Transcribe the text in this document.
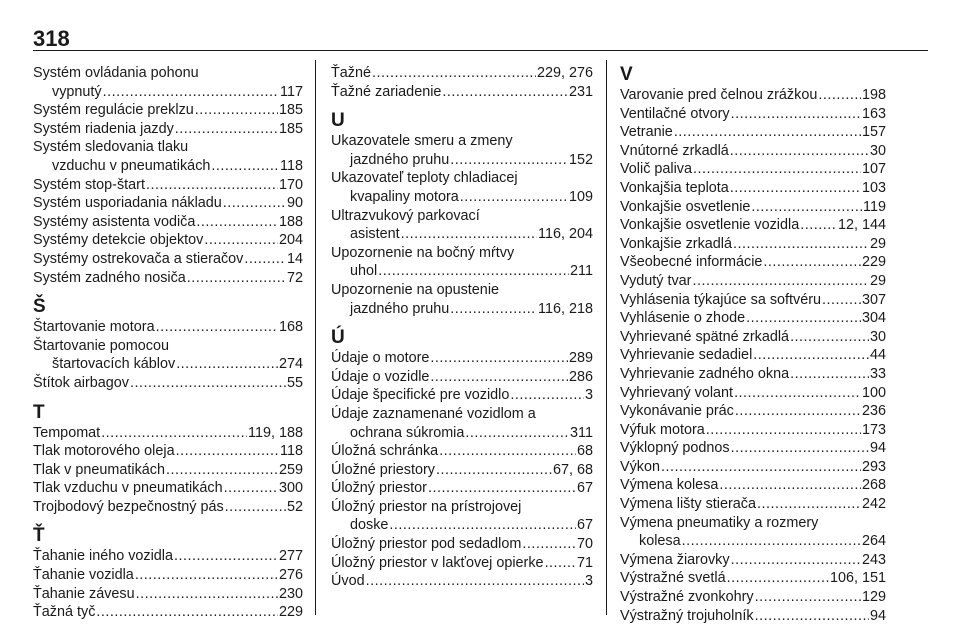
318
Systém ovládania pohonu
vypnutý .....	117
Systém regulácie preklzu .....	185
Systém riadenia jazdy .....	185
Systém sledovania tlaku
vzduchu v pneumatikách .....	118
Systém stop-štart .....	170
Systém usporiadania nákladu .....	90
Systémy asistenta vodiča .....	188
Systémy detekcie objektov .....	204
Systémy ostrekovača a stieračov .....	14
Systém zadného nosiča .....	72
Š
Štartovanie motora .....	168
Štartovanie pomocou
štartovacích káblov .....	274
Štítok airbagov .....	55
T
Tempomat .....	119, 188
Tlak motorového oleja .....	118
Tlak v pneumatikách .....	259
Tlak vzduchu v pneumatikách .....	300
Trojbodový bezpečnostný pás .....	52
Ť
Ťahanie iného vozidla .....	277
Ťahanie vozidla .....	276
Ťahanie závesu .....	230
Ťažná tyč .....	229
Ťažné .....	229, 276
Ťažné zariadenie .....	231
U
Ukazovatele smeru a zmeny
jazdného pruhu .....	152
Ukazovateľ teploty chladiacej
kvapaliny motora .....	109
Ultrazvukový parkovací
asistent .....	116, 204
Upozornenie na bočný mŕtvy
uhol .....	211
Upozornenie na opustenie
jazdného pruhu .....	116, 218
Ú
Údaje o motore .....	289
Údaje o vozidle .....	286
Údaje špecifické pre vozidlo .....	3
Údaje zaznamenané vozidlom a
ochrana súkromia .....	311
Úložná schránka .....	68
Úložné priestory .....	67, 68
Úložný priestor .....	67
Úložný priestor na prístrojovej
doske .....	67
Úložný priestor pod sedadlom .....	70
Úložný priestor v lakťovej opierke ..... 71
Úvod .....	3
V
Varovanie pred čelnou zrážkou .....	198
Ventilačné otvory .....	163
Vetranie .....	157
Vnútorné zrkadlá .....	30
Volič paliva .....	107
Vonkajšia teplota .....	103
Vonkajšie osvetlenie .....	119
Vonkajšie osvetlenie vozidla .....	12, 144
Vonkajšie zrkadlá .....	29
Všeobecné informácie .....	229
Vydutý tvar .....	29
Vyhlásenia týkajúce sa softvéru .....	307
Vyhlásenie o zhode .....	304
Vyhrievané spätné zrkadlá .....	30
Vyhrievanie sedadiel .....	44
Vyhrievanie zadného okna .....	33
Vyhrievaný volant .....	100
Vykonávanie prác .....	236
Výfuk motora .....	173
Výklopný podnos .....	94
Výkon .....	293
Výmena kolesa .....	268
Výmena lišty stierača .....	242
Výmena pneumatiky a rozmery
kolesa .....	264
Výmena žiarovky .....	243
Výstražné svetlá .....	106, 151
Výstražné zvonkohry .....	129
Výstražný trojuholník .....	94
